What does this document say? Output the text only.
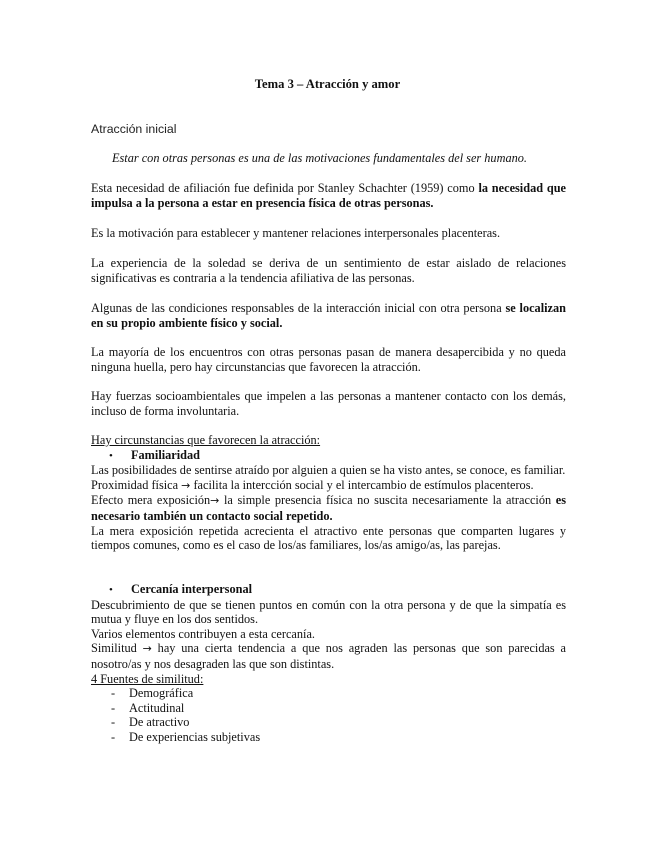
Tema 3 – Atracción y amor
Atracción inicial
Estar con otras personas es una de las motivaciones fundamentales del ser humano.

Esta necesidad de afiliación fue definida por Stanley Schachter (1959) como la necesidad que impulsa a la persona a estar en presencia física de otras personas.

Es la motivación para establecer y mantener relaciones interpersonales placenteras.

La experiencia de la soledad se deriva de un sentimiento de estar aislado de relaciones significativas es contraria a la tendencia afiliativa de las personas.

Algunas de las condiciones responsables de la interacción inicial con otra persona se localizan en su propio ambiente físico y social.

La mayoría de los encuentros con otras personas pasan de manera desapercibida y no queda ninguna huella, pero hay circunstancias que favorecen la atracción.

Hay fuerzas socioambientales que impelen a las personas a mantener contacto con los demás, incluso de forma involuntaria.

Hay circunstancias que favorecen la atracción:

•	Familiaridad

Las posibilidades de sentirse atraído por alguien a quien se ha visto antes, se conoce, es familiar.

Proximidad física → facilita la intercción social y el intercambio de estímulos placenteros.

Efecto mera exposición→ la simple presencia física no suscita necesariamente la atracción es necesario también un contacto social repetido.

La mera exposición repetida acrecienta el atractivo ente personas que comparten lugares y tiempos comunes, como es el caso de los/as familiares, los/as amigo/as, las parejas.

•	Cercanía interpersonal

Descubrimiento de que se tienen puntos en común con la otra persona y de que la simpatía es mutua y fluye en los dos sentidos.

Varios elementos contribuyen a esta cercanía.

Similitud → hay una cierta tendencia a que nos agraden las personas que son parecidas a nosotro/as y nos desagraden las que son distintas.

4 Fuentes de similitud:

-	Demográfica
-	Actitudinal
-	De atractivo
-	De experiencias subjetivas
